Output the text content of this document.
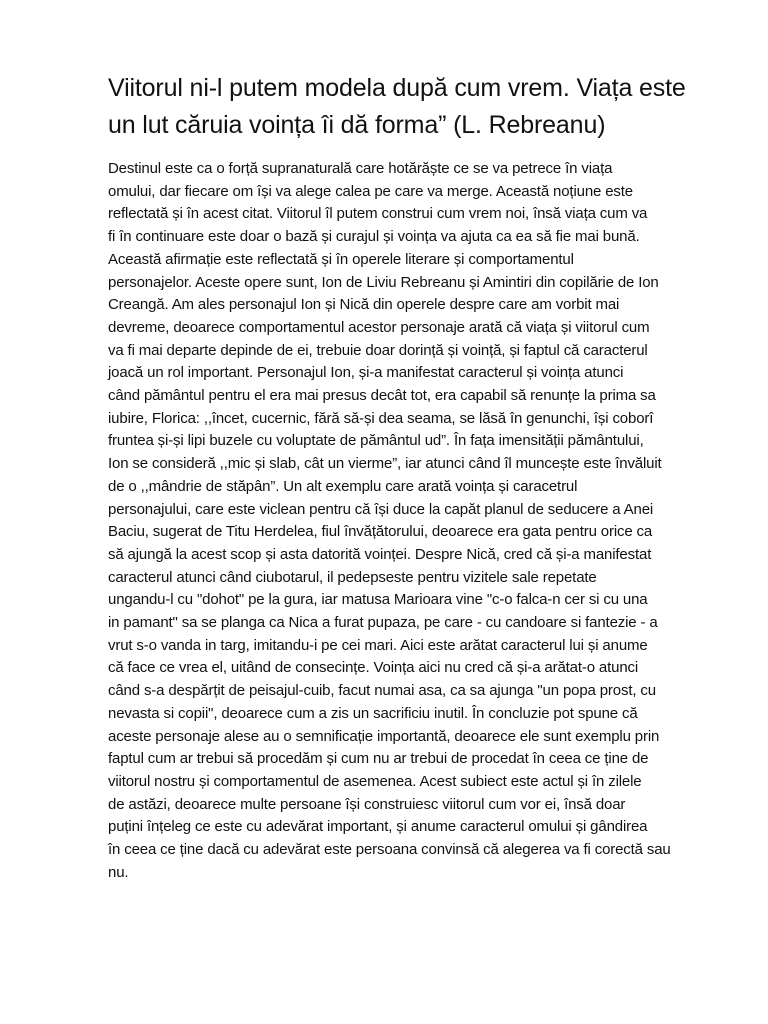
Viitorul ni-l putem modela după cum vrem. Viața este
un lut căruia voința îi dă forma” (L. Rebreanu)
Destinul este ca o forță supranaturală care hotărăște ce se va petrece în viața
omului, dar fiecare om își va alege calea pe care va merge. Această noțiune este
reflectată și în acest citat. Viitorul îl putem construi cum vrem noi, însă viața cum va
fi în continuare este doar o bază și curajul și voința va ajuta ca ea să fie mai bună.
Această afirmație este reflectată și în operele literare și comportamentul
personajelor. Aceste opere sunt, Ion de Liviu Rebreanu și Amintiri din copilărie de Ion
Creangă. Am ales personajul Ion și Nică din operele despre care am vorbit mai
devreme, deoarece comportamentul acestor personaje arată că viața și viitorul cum
va fi mai departe depinde de ei, trebuie doar dorință și voință, și faptul că caracterul
joacă un rol important. Personajul Ion, și-a manifestat caracterul și voința atunci
când pământul pentru el era mai presus decât tot, era capabil să renunțe la prima sa
iubire, Florica: ,,încet, cucernic, fără să-și dea seama, se lăsă în genunchi, își coborî
fruntea și-și lipi buzele cu voluptate de pământul ud”. În fața imensității pământului,
Ion se consideră ,,mic și slab, cât un vierme”, iar atunci când îl muncește este învăluit
de o ,,mândrie de stăpân”. Un alt exemplu care arată voința și caracetrul
personajului, care este viclean pentru că își duce la capăt planul de seducere a Anei
Baciu, sugerat de Titu Herdelea, fiul învățătorului, deoarece era gata pentru orice ca
să ajungă la acest scop și asta datorită voinței. Despre Nică, cred că și-a manifestat
caracterul atunci când ciubotarul, il pedepseste pentru vizitele sale repetate
ungandu-l cu "dohot" pe la gura, iar matusa Marioara vine "c-o falca-n cer si cu una
in pamant" sa se planga ca Nica a furat pupaza, pe care - cu candoare si fantezie - a
vrut s-o vanda in targ, imitandu-i pe cei mari. Aici este arătat caracterul lui și anume
că face ce vrea el, uitând de consecințe. Voința aici nu cred că și-a arătat-o atunci
când s-a despărțit de peisajul-cuib, facut numai asa, ca sa ajunga "un popa prost, cu
nevasta si copii", deoarece cum a zis un sacrificiu inutil. În concluzie pot spune că
aceste personaje alese au o semnificație importantă, deoarece ele sunt exemplu prin
faptul cum ar trebui să procedăm și cum nu ar trebui de procedat în ceea ce ține de
viitorul nostru și comportamentul de asemenea. Acest subiect este actul și în zilele
de astăzi, deoarece multe persoane își construiesc viitorul cum vor ei, însă doar
puțini înțeleg ce este cu adevărat important, și anume caracterul omului și gândirea
în ceea ce ține dacă cu adevărat este persoana convinsă că alegerea va fi corectă sau
nu.
